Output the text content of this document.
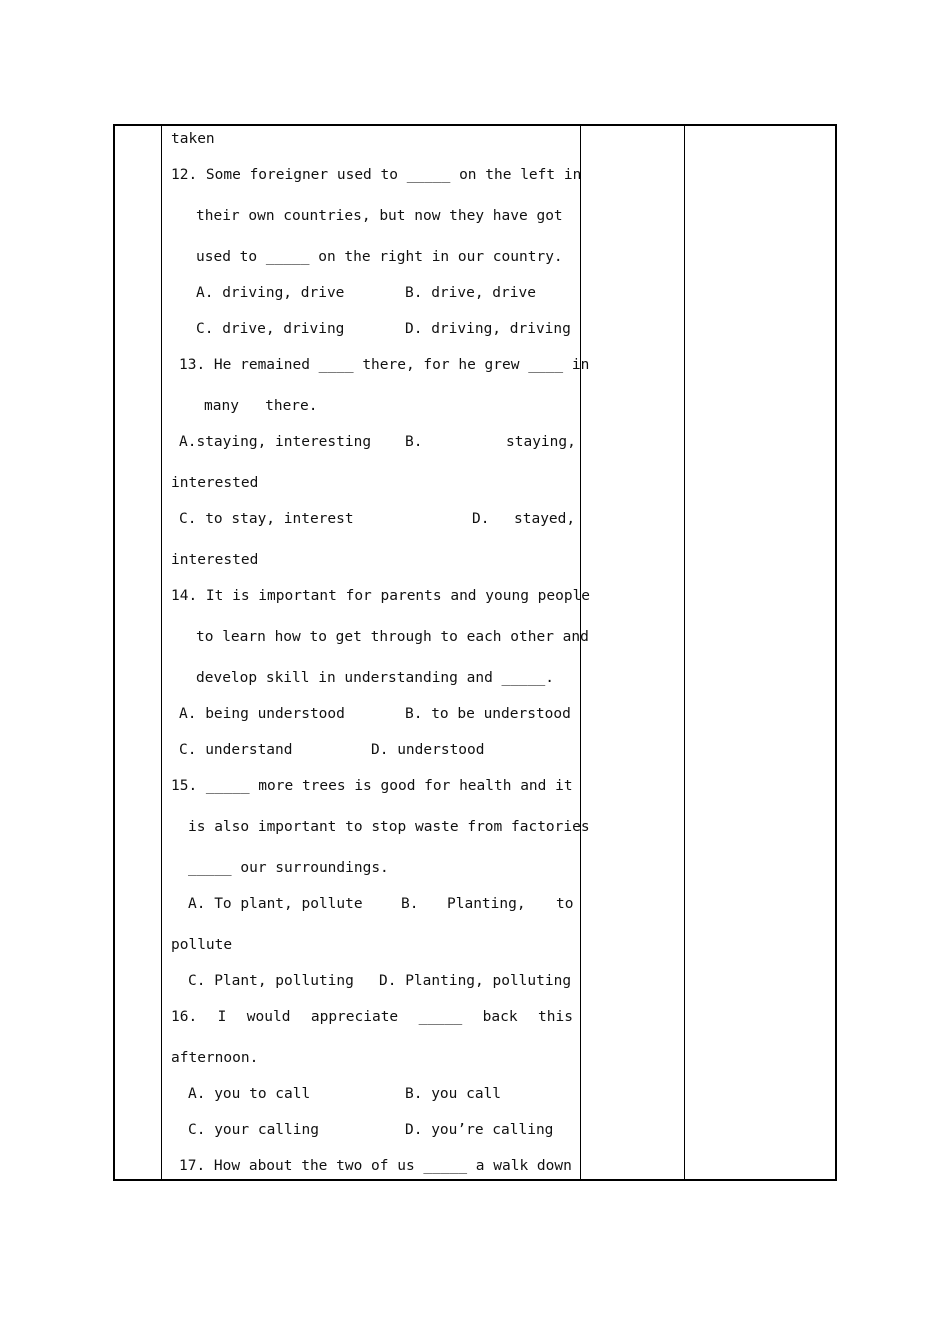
taken
12. Some foreigner used to _____ on the left in
their own countries, but now they have got
used to _____ on the right in our country.
A. driving, drive	B. drive, drive
C. drive, driving	D. driving, driving
13. He remained ____ there, for he grew ____ in
many   there.
A.staying, interesting B.	staying,
interested
C. to stay, interest	D. stayed,
interested
14. It is important for parents and young people
to learn how to get through to each other and
develop skill in understanding and _____.
A. being understood	B. to be understood
C. understand	D. understood
15. _____ more trees is good for health and it
is also important to stop waste from factories
_____ our surroundings.
A. To plant, pollute	B. Planting, to
pollute
C. Plant, polluting D. Planting, polluting
16. I would appreciate _____ back this
afternoon.
A. you to call	B. you call
C. your calling	D. you’re calling
17. How about the two of us _____ a walk down
